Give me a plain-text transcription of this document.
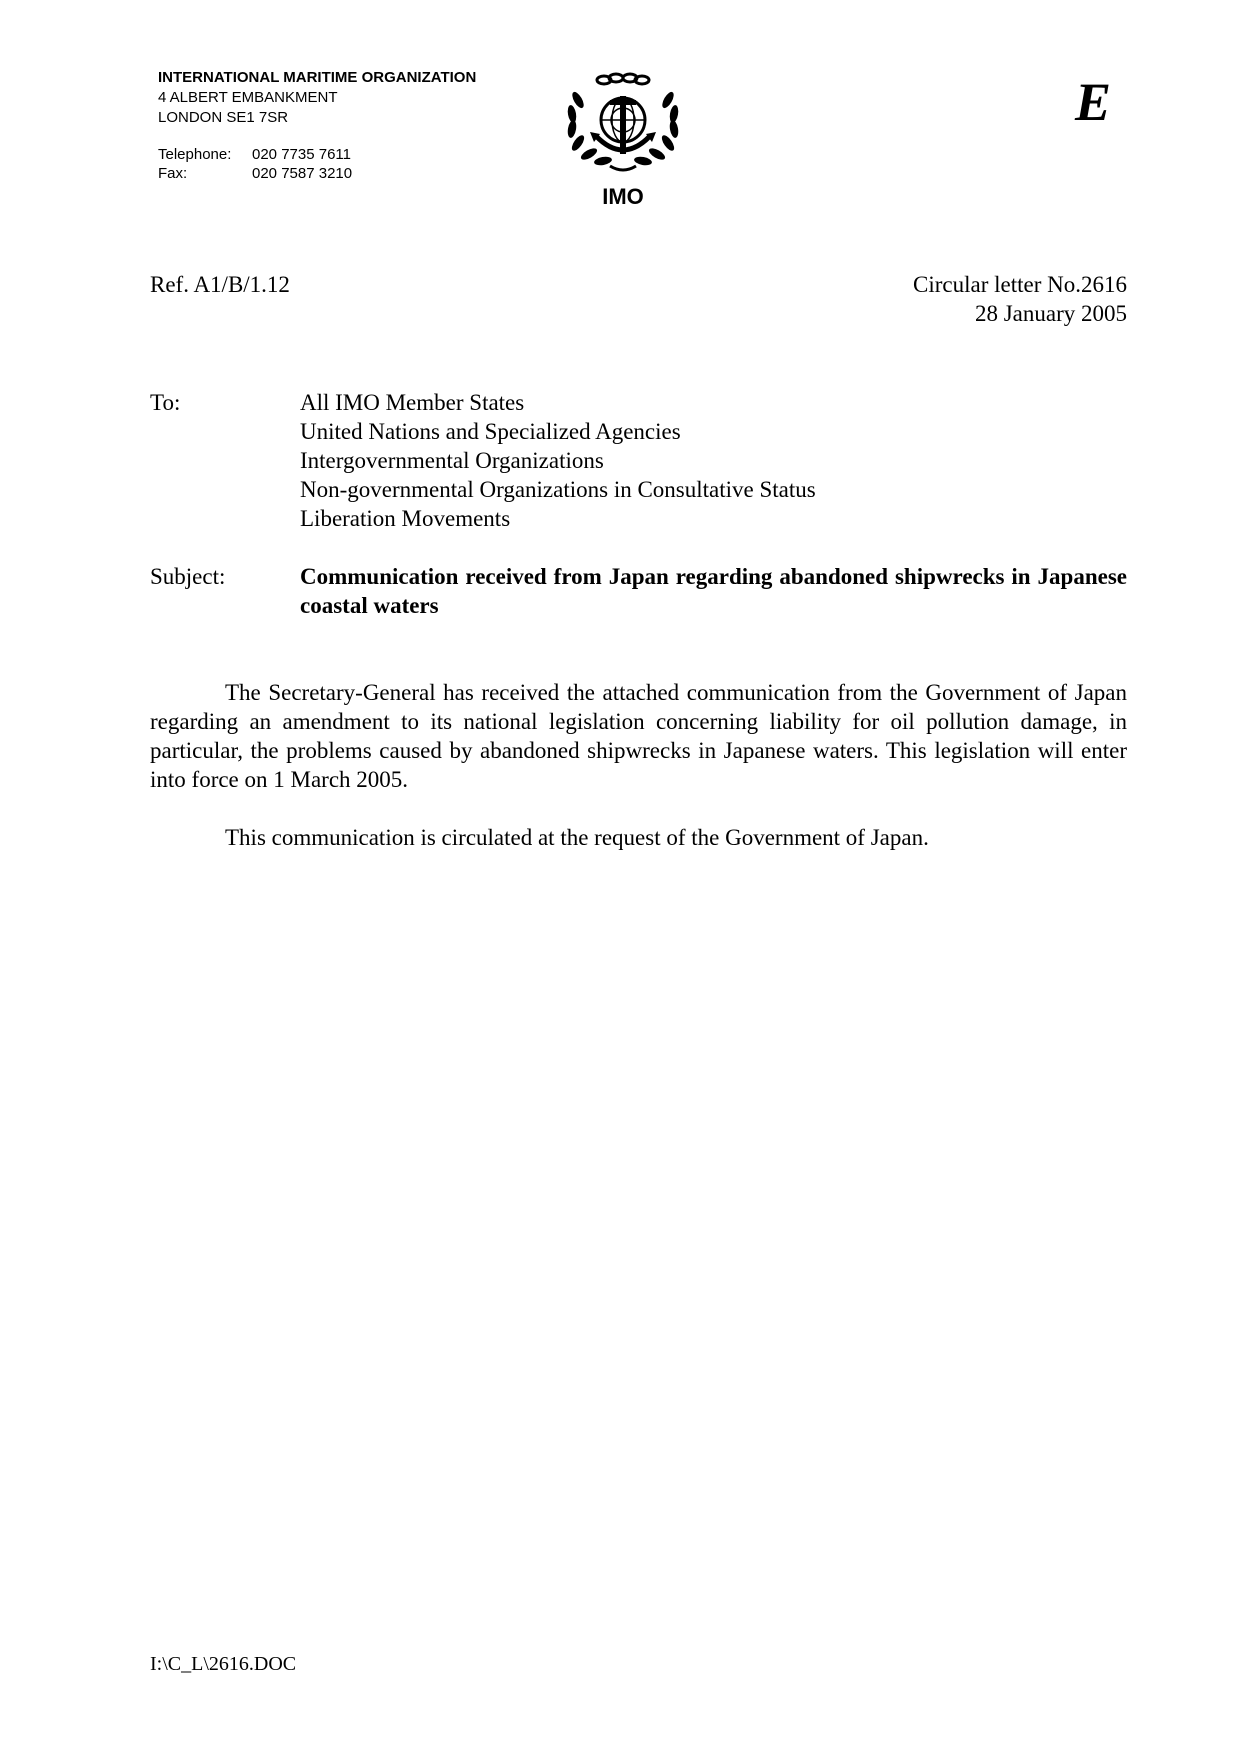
INTERNATIONAL MARITIME ORGANIZATION
4 ALBERT EMBANKMENT
LONDON SE1 7SR
Telephone:	020 7735 7611
Fax:	020 7587 3210
IMO
E
Ref. A1/B/1.12	Circular letter No.2616
28 January 2005
To:	All IMO Member States
United Nations and Specialized Agencies
Intergovernmental Organizations
Non-governmental Organizations in Consultative Status
Liberation Movements
Subject:	Communication received from Japan regarding abandoned shipwrecks in Japanese coastal waters
The Secretary-General has received the attached communication from the Government of Japan regarding an amendment to its national legislation concerning liability for oil pollution damage, in particular, the problems caused by abandoned shipwrecks in Japanese waters. This legislation will enter into force on 1 March 2005.
This communication is circulated at the request of the Government of Japan.
I:\C_L\2616.DOC
